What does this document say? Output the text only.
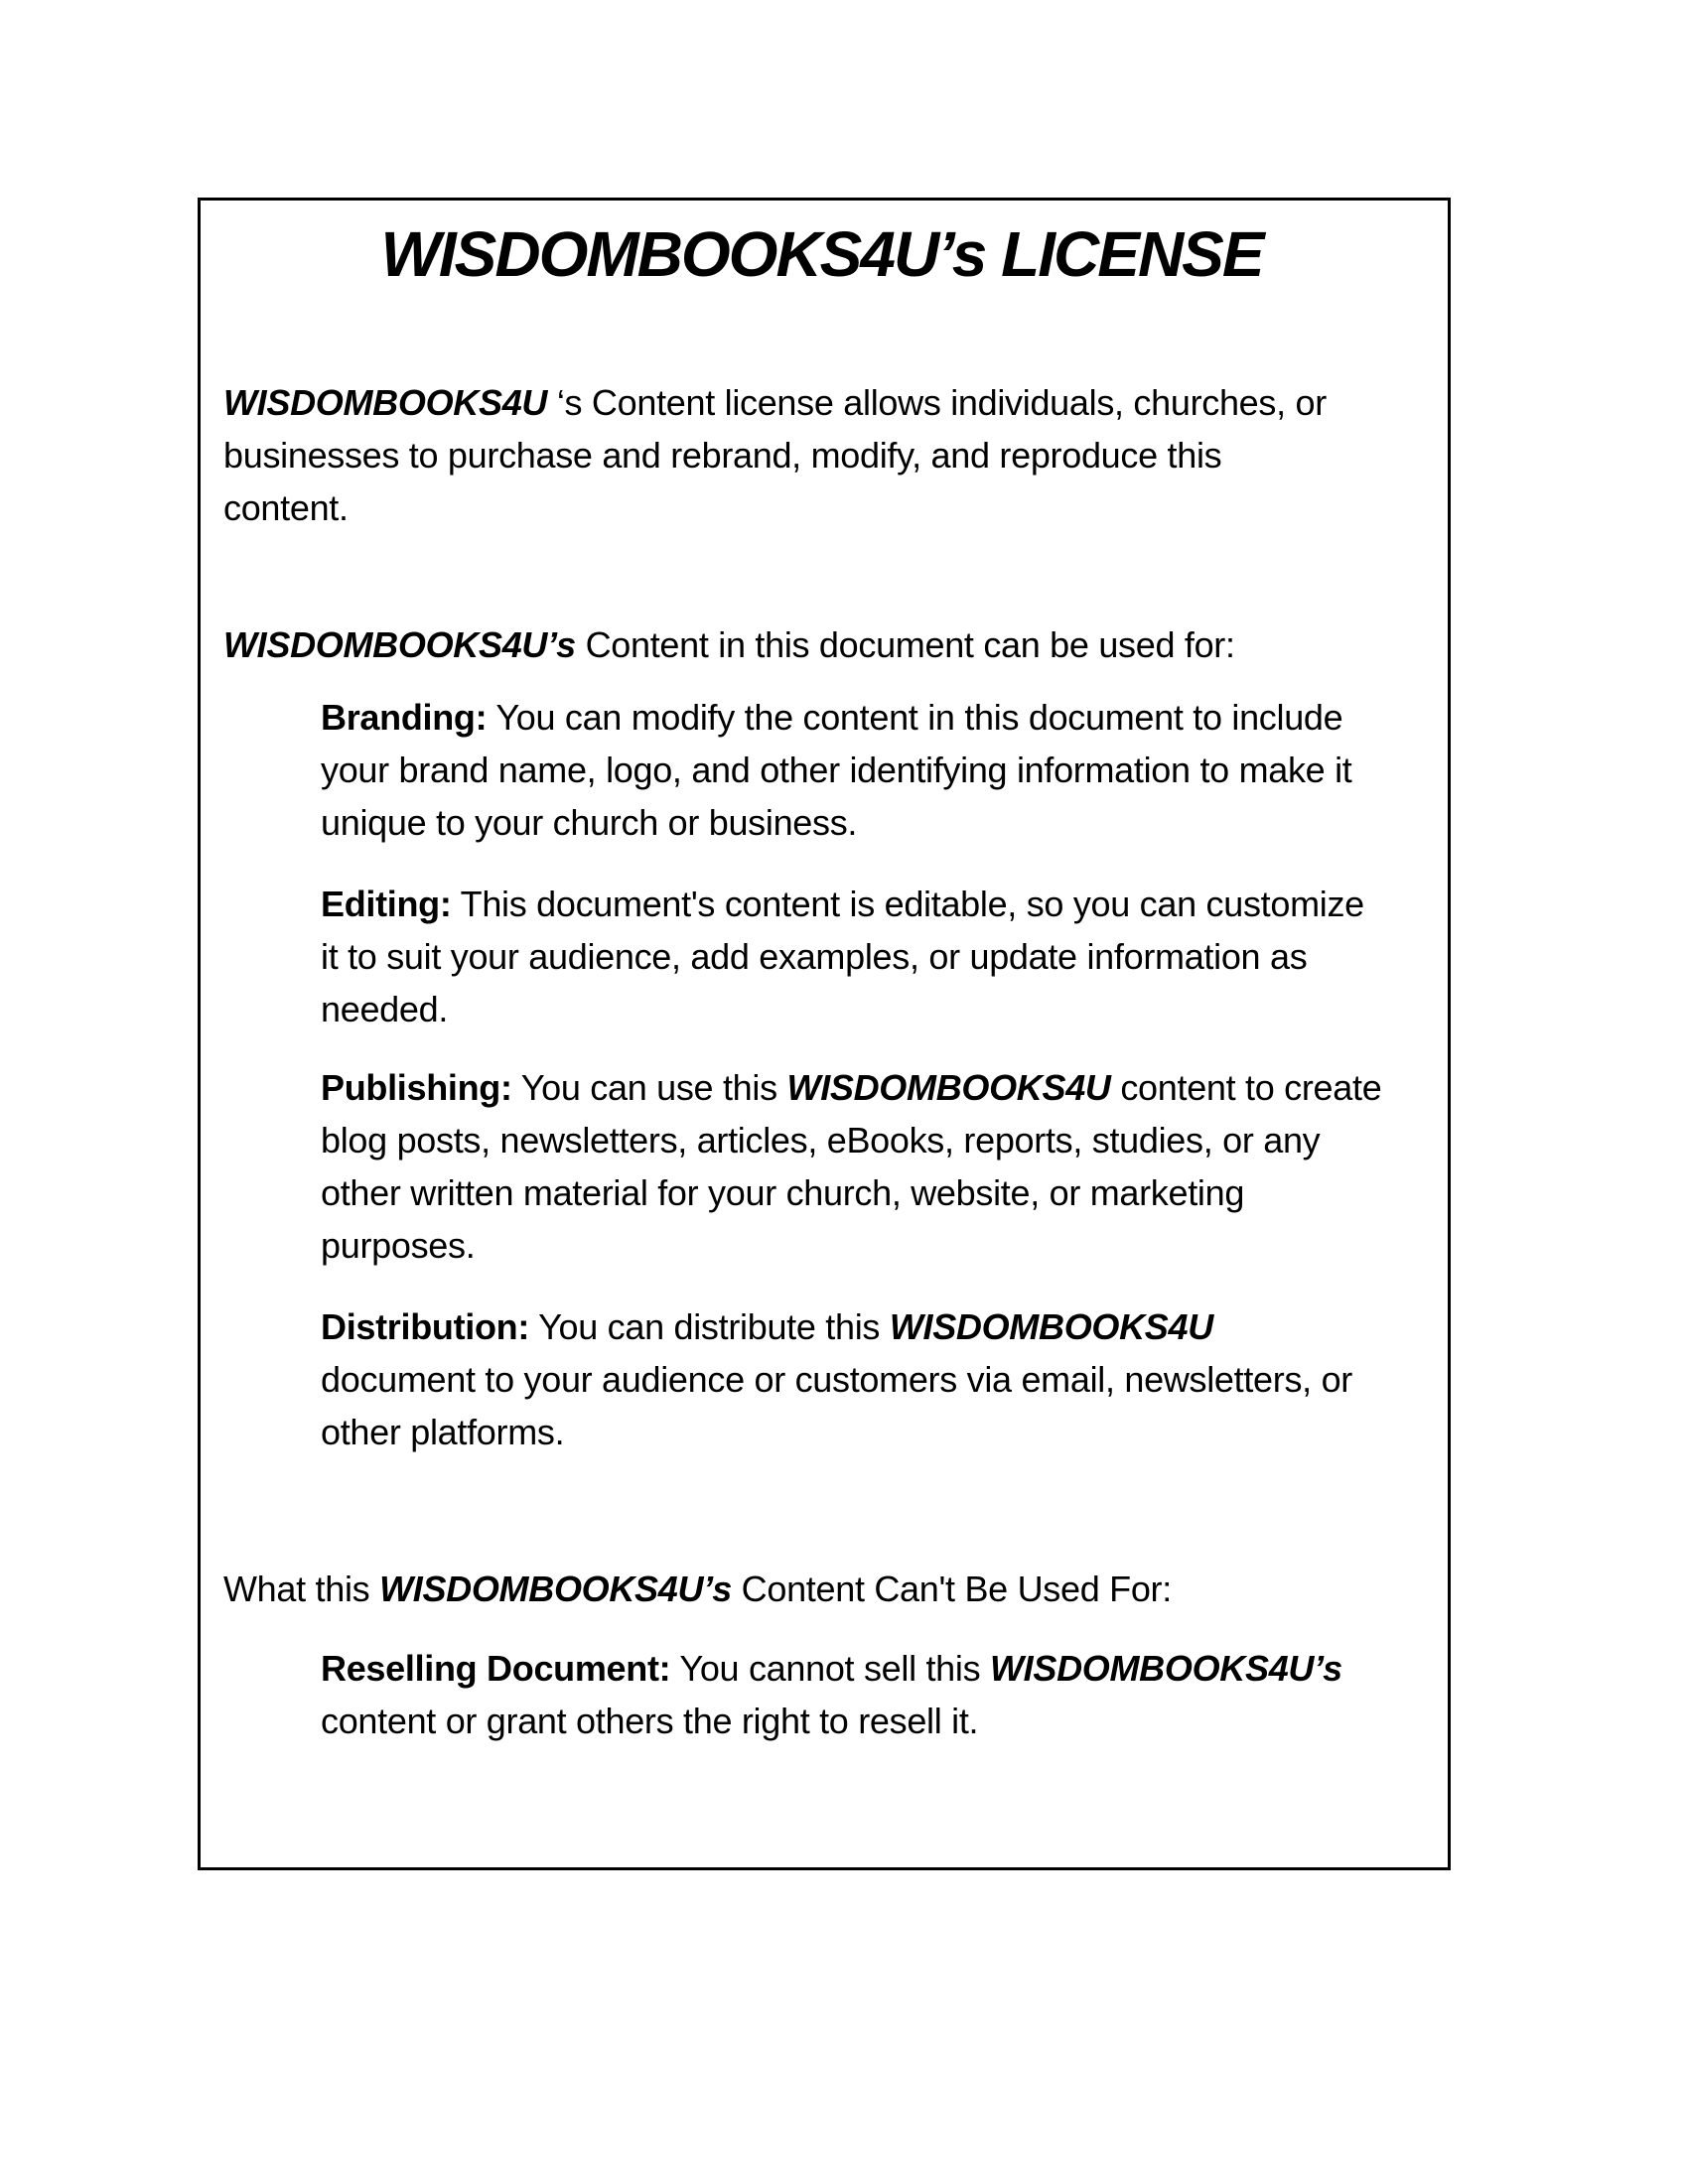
WISDOMBOOKS4U’s LICENSE
WISDOMBOOKS4U ‘s Content license allows individuals, churches, or
businesses to purchase and rebrand, modify, and reproduce this
content.
WISDOMBOOKS4U’s Content in this document can be used for:
Branding: You can modify the content in this document to include
your brand name, logo, and other identifying information to make it
unique to your church or business.
Editing: This document's content is editable, so you can customize
it to suit your audience, add examples, or update information as
needed.
Publishing: You can use this WISDOMBOOKS4U content to create
blog posts, newsletters, articles, eBooks, reports, studies, or any
other written material for your church, website, or marketing
purposes.
Distribution: You can distribute this WISDOMBOOKS4U
document to your audience or customers via email, newsletters, or
other platforms.
What this WISDOMBOOKS4U’s Content Can't Be Used For:
Reselling Document: You cannot sell this WISDOMBOOKS4U’s
content or grant others the right to resell it.
